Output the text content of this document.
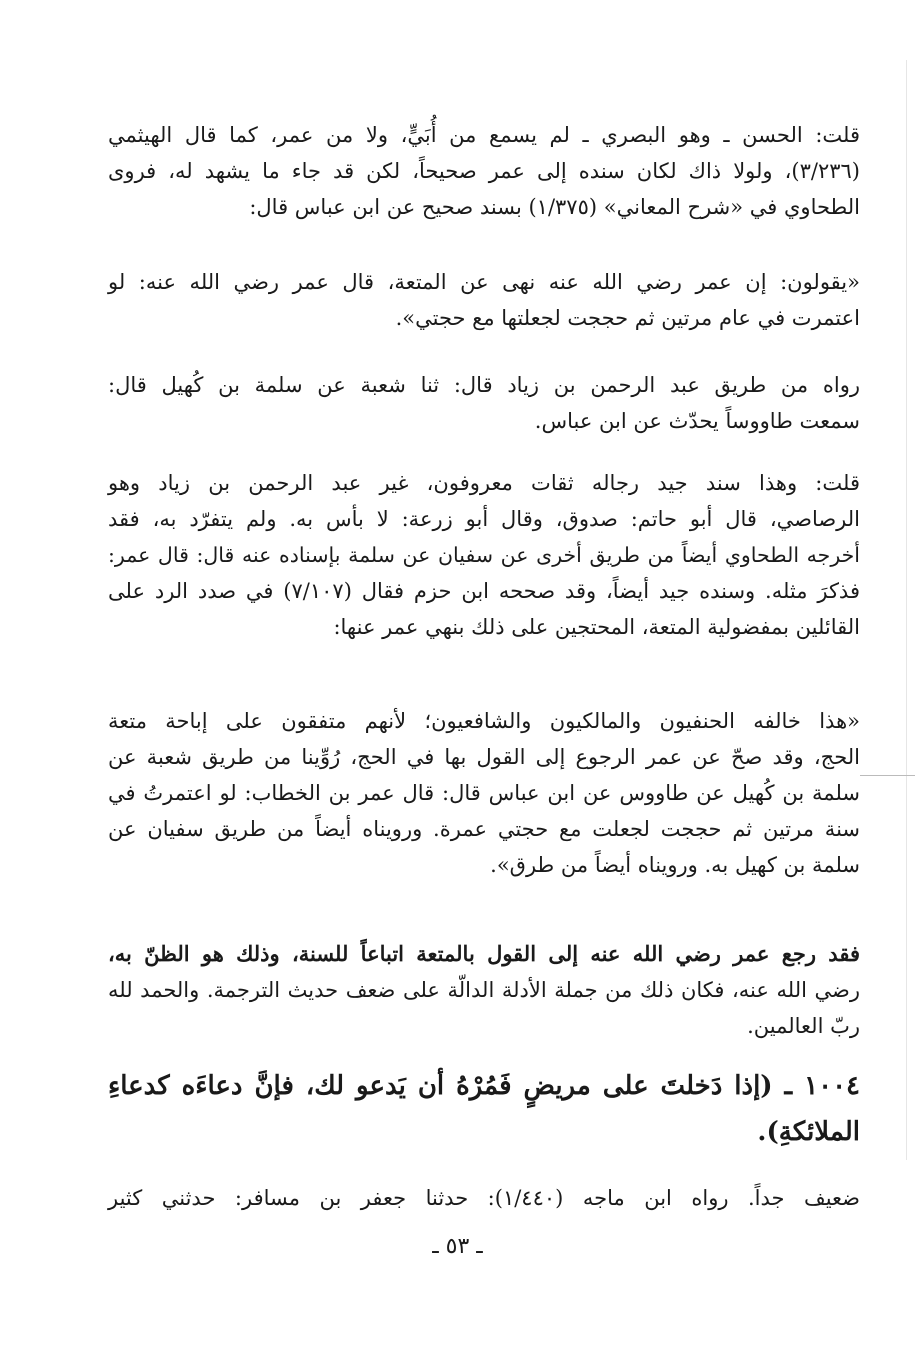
قلت: الحسن ـ وهو البصري ـ لم يسمع من أُبَيٍّ، ولا من عمر، كما قال الهيثمي
(٣/٢٣٦)، ولولا ذاك لكان سنده إلى عمر صحيحاً، لكن قد جاء ما يشهد له، فروى
الطحاوي في «شرح المعاني» (١/٣٧٥) بسند صحيح عن ابن عباس قال:
«يقولون: إن عمر رضي الله عنه نهى عن المتعة، قال عمر رضي الله عنه: لو
اعتمرت في عام مرتين ثم حججت لجعلتها مع حجتي».
رواه من طريق عبد الرحمن بن زياد قال: ثنا شعبة عن سلمة بن كُهيل قال:
سمعت طاووساً يحدّث عن ابن عباس.
قلت: وهذا سند جيد رجاله ثقات معروفون، غير عبد الرحمن بن زياد وهو
الرصاصي، قال أبو حاتم: صدوق، وقال أبو زرعة: لا بأس به. ولم يتفرّد به، فقد
أخرجه الطحاوي أيضاً من طريق أخرى عن سفيان عن سلمة بإسناده عنه قال: قال عمر:
فذكرَ مثله. وسنده جيد أيضاً، وقد صححه ابن حزم فقال (٧/١٠٧) في صدد الرد على
القائلين بمفضولية المتعة، المحتجين على ذلك بنهي عمر عنها:
«هذا خالفه الحنفيون والمالكيون والشافعيون؛ لأنهم متفقون على إباحة متعة
الحج، وقد صحّ عن عمر الرجوع إلى القول بها في الحج، رُوِّينا من طريق شعبة عن
سلمة بن كُهيل عن طاووس عن ابن عباس قال: قال عمر بن الخطاب: لو اعتمرتُ في
سنة مرتين ثم حججت لجعلت مع حجتي عمرة. ورويناه أيضاً من طريق سفيان عن
سلمة بن كهيل به. ورويناه أيضاً من طرق».
فقد رجع عمر رضي الله عنه إلى القول بالمتعة اتباعاً للسنة، وذلك هو الظنّ به،
رضي الله عنه، فكان ذلك من جملة الأدلة الدالّة على ضعف حديث الترجمة. والحمد لله
ربّ العالمين.
١٠٠٤ ـ (إذا دَخلتَ على مريضٍ فَمُرْهُ أن يَدعو لك، فإنَّ دعاءَه كدعاءِ
الملائكةِ).
ضعيف جداً. رواه ابن ماجه (١/٤٤٠): حدثنا جعفر بن مسافر: حدثني كثير
ـ ٥٣ ـ
